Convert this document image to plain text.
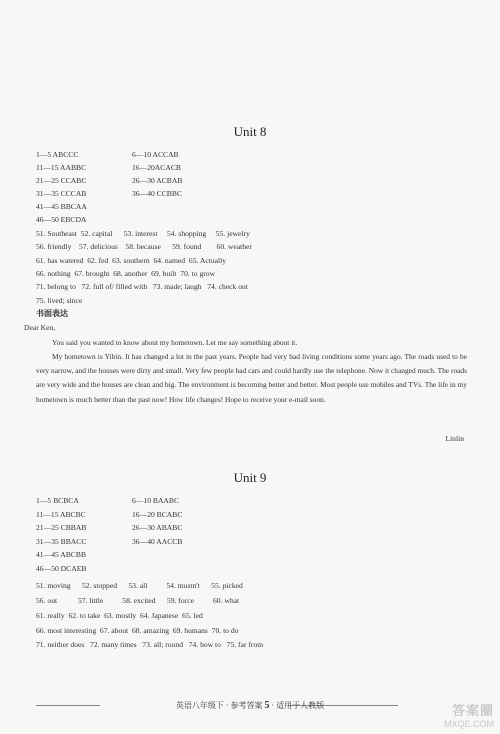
Unit 8
1—5 ABCCC	6—10 ACCAB
11—15 AABBC	16—20ACACB
21—25 CCABC	26—30 ACBAB
31—35 CCCAB	36—40 CCBBC
41—45 BBCAA
46—50 EBCDA
51. Southeast  52. capital      53. interest     54. shopping     55. jewelry
56. friendly    57. delicious    58. because      59. found        60. weather
61. has watered  62. fed  63. southern  64. named  65. Actually
66. nothing  67. brought  68. another  69. built  70. to grow
71. belong to   72. full of/ filled with   73. made; laugh   74. check out
75. lived; since
书面表达
Dear Ken,
You said you wanted to know about my hometown. Let me say something about it.
My hometown is Yibin. It has changed a lot in the past years. People had very bad living conditions some years ago. The roads used to be very narrow, and the houses were dirty and small. Very few people had cars and could hardly use the telephone. Now it changed much. The roads are very wide and the houses are clean and big. The environment is becoming better and better. Most people use mobiles and TVs. The life in my hometown is much better than the past now! How life changes! Hope to receive your e-mail soon.
Linlin
Unit 9
1—5 BCBCA	6—10 BAABC
11—15 ABCBC	16—20 BCABC
21—25 CBBAB	26—30 ABABC
31—35 BBACC	36—40 AACCB
41—45 ABCBB
46—50 DCAEB
51. moving      52. stopped      53. all          54. mustn't      55. picked
56. out           57. little          58. excited      59. force          60. what
61. really  62. to take  63. mostly  64. Japanese  65. led
66. most interesting  67. about  68. amazing  69. humans  70. to do
71. neither does   72. many times   73. all; round   74. how to   75. far from
英语八年级下 · 参考答案 5 · 适用于人教版	答案圈
MXQE.COM
